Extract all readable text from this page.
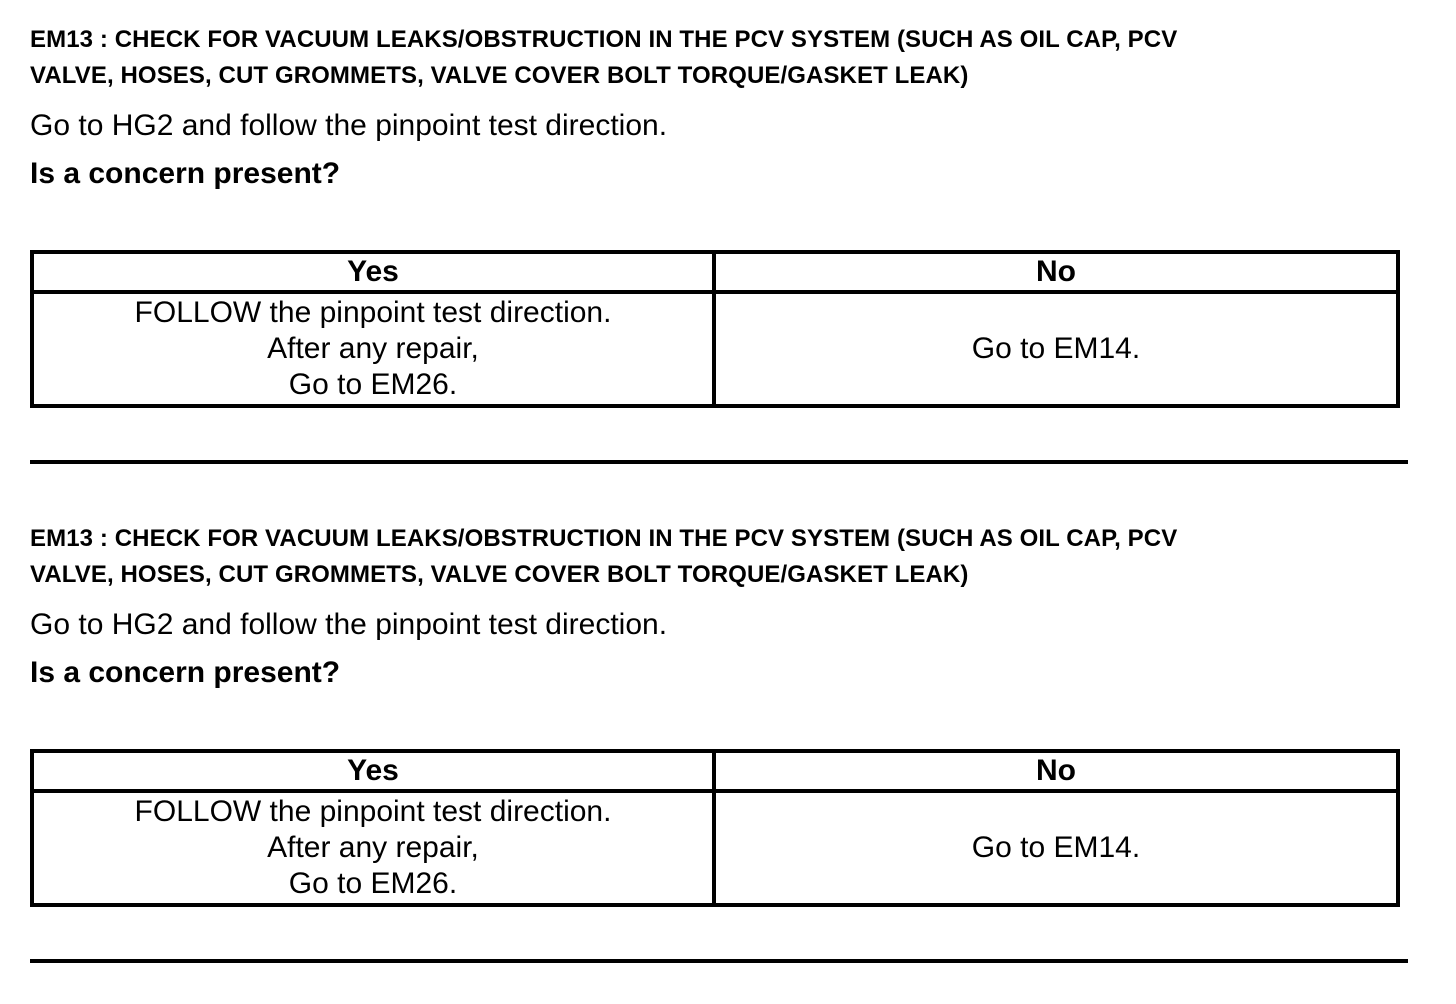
EM13 : CHECK FOR VACUUM LEAKS/OBSTRUCTION IN THE PCV SYSTEM (SUCH AS OIL CAP, PCV
VALVE, HOSES, CUT GROMMETS, VALVE COVER BOLT TORQUE/GASKET LEAK)

Go to HG2 and follow the pinpoint test direction.

Is a concern present?

Yes	No

FOLLOW the pinpoint test direction.
After any repair,
Go to EM26.	Go to EM14.
EM13 : CHECK FOR VACUUM LEAKS/OBSTRUCTION IN THE PCV SYSTEM (SUCH AS OIL CAP, PCV
VALVE, HOSES, CUT GROMMETS, VALVE COVER BOLT TORQUE/GASKET LEAK)

Go to HG2 and follow the pinpoint test direction.

Is a concern present?

Yes	No

FOLLOW the pinpoint test direction.
After any repair,
Go to EM26.	Go to EM14.
